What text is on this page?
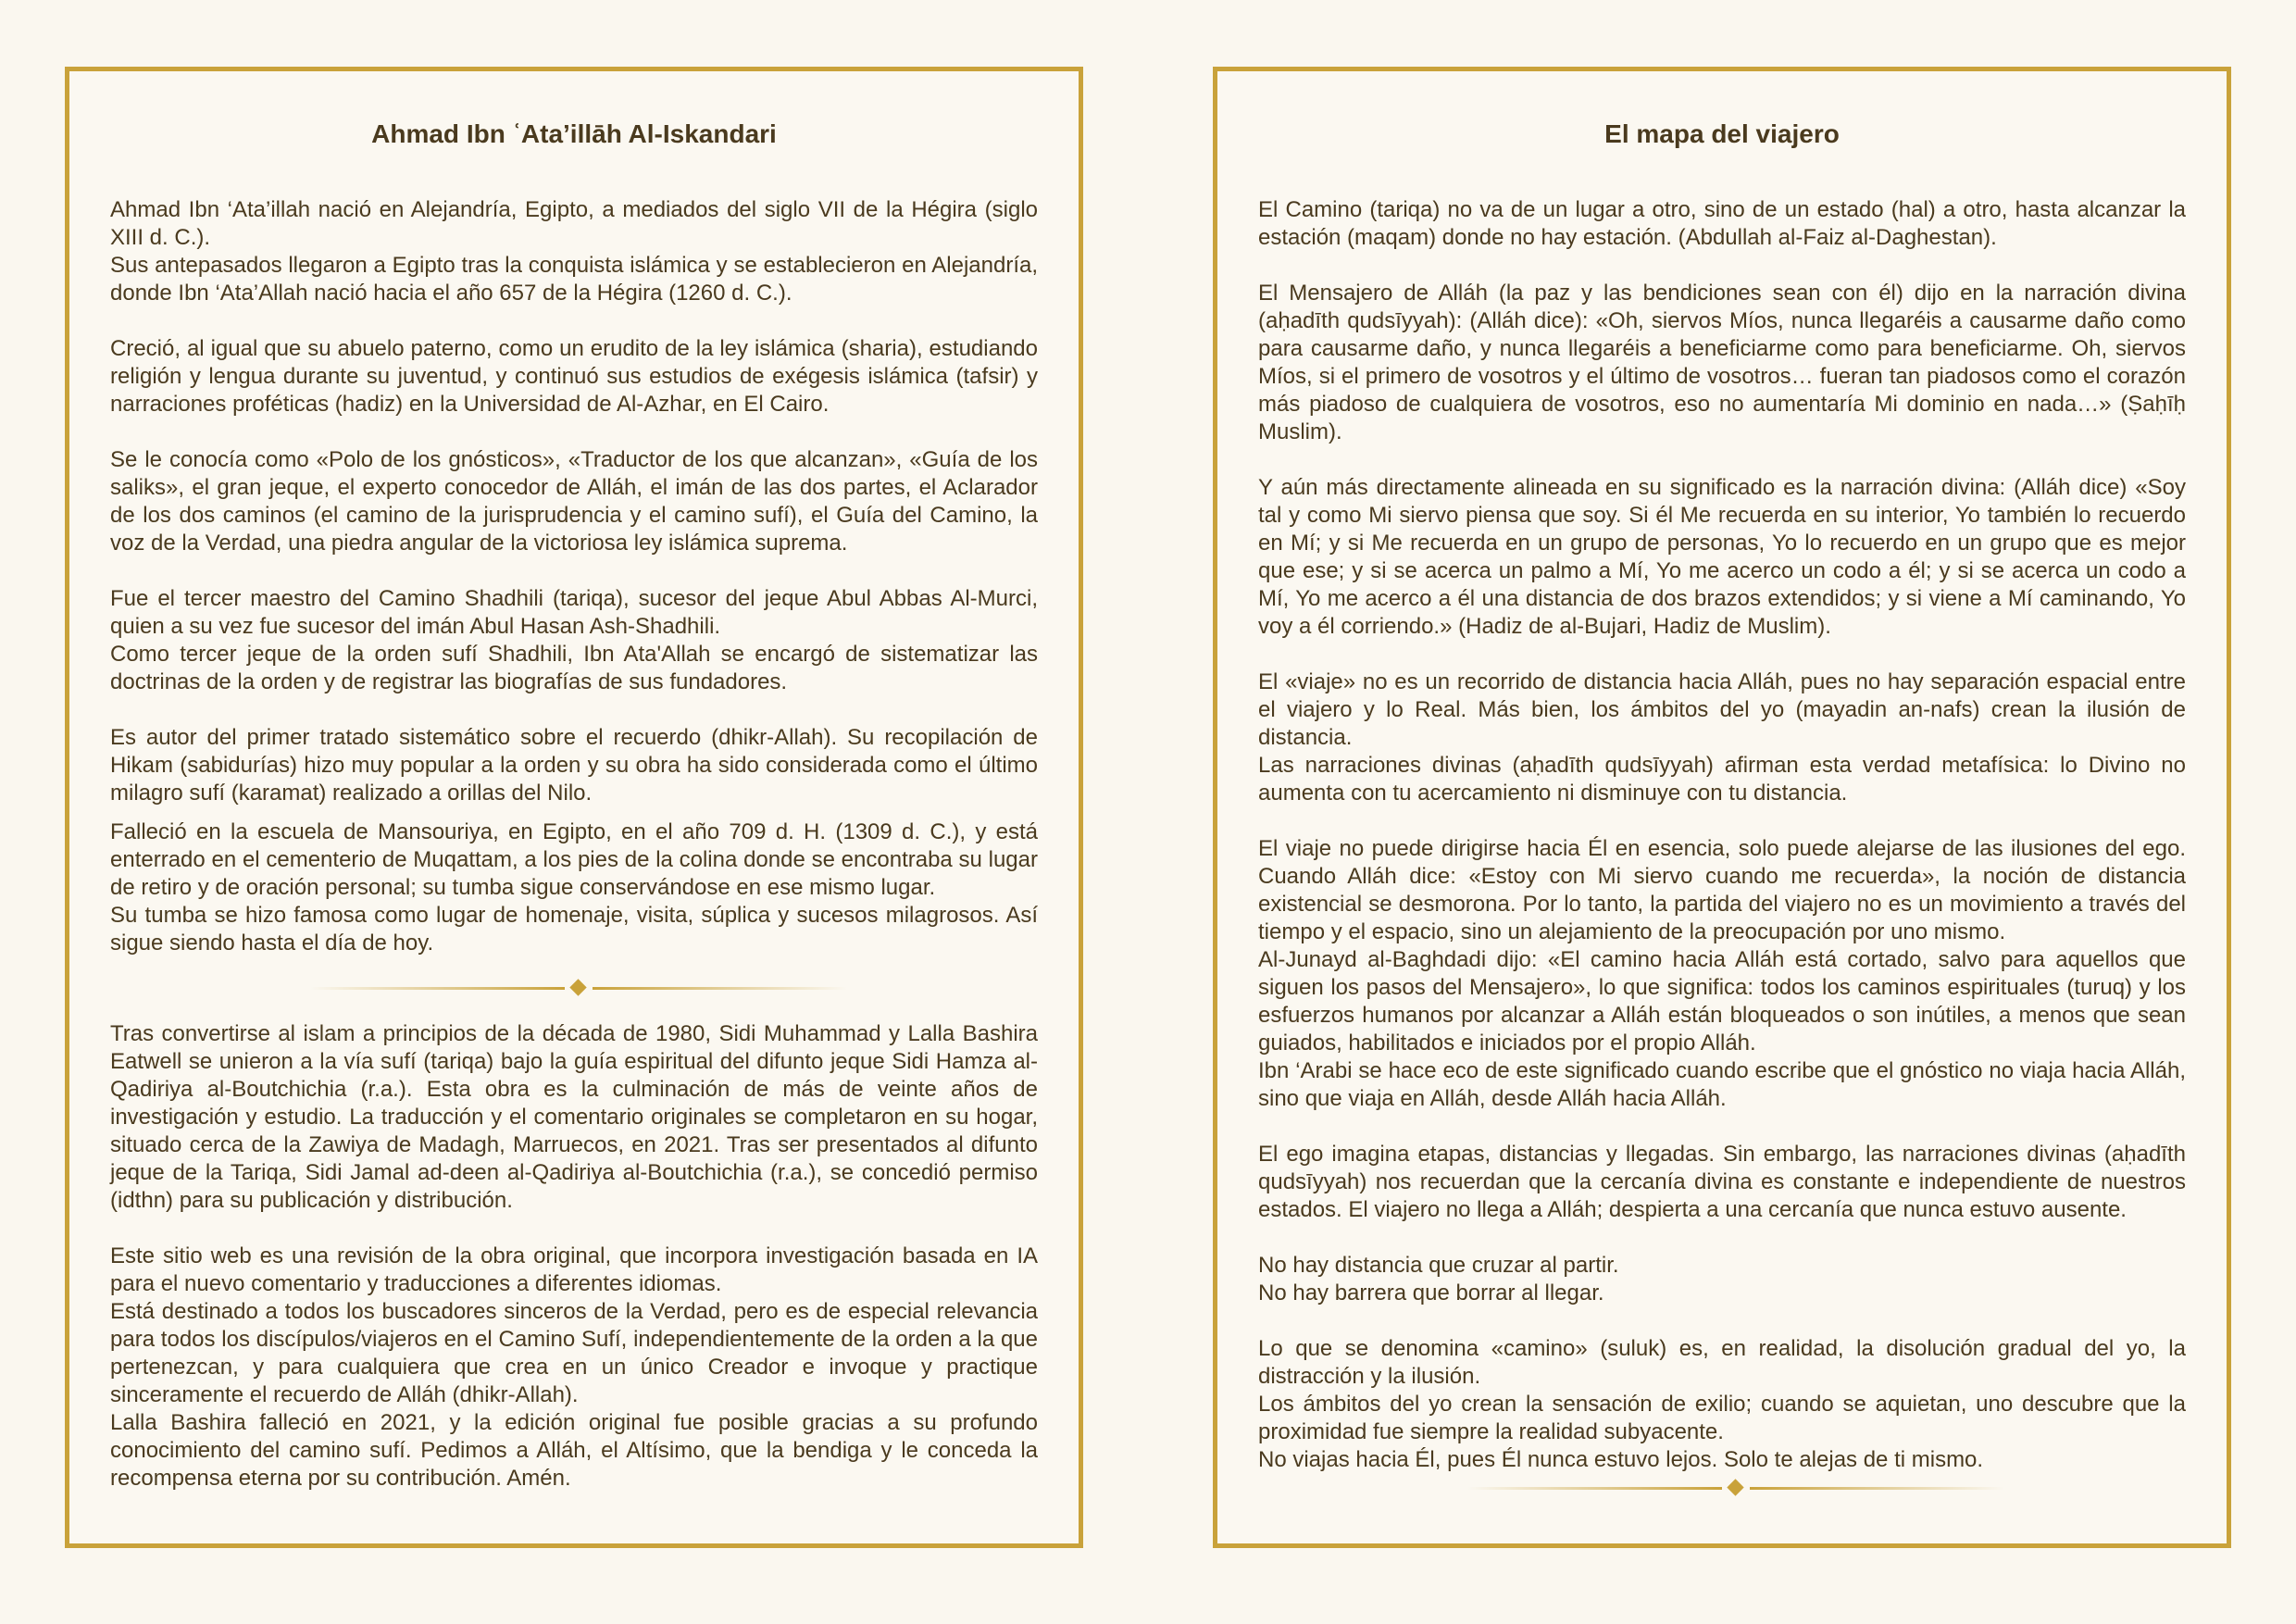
Ahmad Ibn ʿAta’illāh Al-Iskandari

Ahmad Ibn ‘Ata’illah nació en Alejandría, Egipto, a mediados del siglo VII de la Hégira (siglo XIII d. C.).

Sus antepasados llegaron a Egipto tras la conquista islámica y se establecieron en Alejandría, donde Ibn ‘Ata’Allah nació hacia el año 657 de la Hégira (1260 d. C.).

Creció, al igual que su abuelo paterno, como un erudito de la ley islámica (sharia), estudiando religión y lengua durante su juventud, y continuó sus estudios de exégesis islámica (tafsir) y narraciones proféticas (hadiz) en la Universidad de Al-Azhar, en El Cairo.

Se le conocía como «Polo de los gnósticos», «Traductor de los que alcanzan», «Guía de los saliks», el gran jeque, el experto conocedor de Alláh, el imán de las dos partes, el Aclarador de los dos caminos (el camino de la jurisprudencia y el camino sufí), el Guía del Camino, la voz de la Verdad, una piedra angular de la victoriosa ley islámica suprema.

Fue el tercer maestro del Camino Shadhili (tariqa), sucesor del jeque Abul Abbas Al-Murci, quien a su vez fue sucesor del imán Abul Hasan Ash-Shadhili.

Como tercer jeque de la orden sufí Shadhili, Ibn Ata'Allah se encargó de sistematizar las doctrinas de la orden y de registrar las biografías de sus fundadores.

Es autor del primer tratado sistemático sobre el recuerdo (dhikr-Allah). Su recopilación de Hikam (sabidurías) hizo muy popular a la orden y su obra ha sido considerada como el último milagro sufí (karamat) realizado a orillas del Nilo.

Falleció en la escuela de Mansouriya, en Egipto, en el año 709 d. H. (1309 d. C.), y está enterrado en el cementerio de Muqattam, a los pies de la colina donde se encontraba su lugar de retiro y de oración personal; su tumba sigue conservándose en ese mismo lugar.

Su tumba se hizo famosa como lugar de homenaje, visita, súplica y sucesos milagrosos. Así sigue siendo hasta el día de hoy.

Tras convertirse al islam a principios de la década de 1980, Sidi Muhammad y Lalla Bashira Eatwell se unieron a la vía sufí (tariqa) bajo la guía espiritual del difunto jeque Sidi Hamza al-Qadiriya al-Boutchichia (r.a.). Esta obra es la culminación de más de veinte años de investigación y estudio. La traducción y el comentario originales se completaron en su hogar, situado cerca de la Zawiya de Madagh, Marruecos, en 2021. Tras ser presentados al difunto jeque de la Tariqa, Sidi Jamal ad-deen al-Qadiriya al-Boutchichia (r.a.), se concedió permiso (idthn) para su publicación y distribución.

Este sitio web es una revisión de la obra original, que incorpora investigación basada en IA para el nuevo comentario y traducciones a diferentes idiomas.

Está destinado a todos los buscadores sinceros de la Verdad, pero es de especial relevancia para todos los discípulos/viajeros en el Camino Sufí, independientemente de la orden a la que pertenezcan, y para cualquiera que crea en un único Creador e invoque y practique sinceramente el recuerdo de Alláh (dhikr-Allah).

Lalla Bashira falleció en 2021, y la edición original fue posible gracias a su profundo conocimiento del camino sufí. Pedimos a Alláh, el Altísimo, que la bendiga y le conceda la recompensa eterna por su contribución. Amén.

El mapa del viajero

El Camino (tariqa) no va de un lugar a otro, sino de un estado (hal) a otro, hasta alcanzar la estación (maqam) donde no hay estación. (Abdullah al-Faiz al-Daghestan).

El Mensajero de Alláh (la paz y las bendiciones sean con él) dijo en la narración divina (aḥadīth qudsīyyah): (Alláh dice): «Oh, siervos Míos, nunca llegaréis a causarme daño como para causarme daño, y nunca llegaréis a beneficiarme como para beneficiarme. Oh, siervos Míos, si el primero de vosotros y el último de vosotros… fueran tan piadosos como el corazón más piadoso de cualquiera de vosotros, eso no aumentaría Mi dominio en nada…» (Ṣaḥīḥ Muslim).

Y aún más directamente alineada en su significado es la narración divina: (Alláh dice) «Soy tal y como Mi siervo piensa que soy. Si él Me recuerda en su interior, Yo también lo recuerdo en Mí; y si Me recuerda en un grupo de personas, Yo lo recuerdo en un grupo que es mejor que ese; y si se acerca un palmo a Mí, Yo me acerco un codo a él; y si se acerca un codo a Mí, Yo me acerco a él una distancia de dos brazos extendidos; y si viene a Mí caminando, Yo voy a él corriendo.» (Hadiz de al-Bujari, Hadiz de Muslim).

El «viaje» no es un recorrido de distancia hacia Alláh, pues no hay separación espacial entre el viajero y lo Real. Más bien, los ámbitos del yo (mayadin an-nafs) crean la ilusión de distancia.

Las narraciones divinas (aḥadīth qudsīyyah) afirman esta verdad metafísica: lo Divino no aumenta con tu acercamiento ni disminuye con tu distancia.

El viaje no puede dirigirse hacia Él en esencia, solo puede alejarse de las ilusiones del ego. Cuando Alláh dice: «Estoy con Mi siervo cuando me recuerda», la noción de distancia existencial se desmorona. Por lo tanto, la partida del viajero no es un movimiento a través del tiempo y el espacio, sino un alejamiento de la preocupación por uno mismo.

Al-Junayd al-Baghdadi dijo: «El camino hacia Alláh está cortado, salvo para aquellos que siguen los pasos del Mensajero», lo que significa: todos los caminos espirituales (turuq) y los esfuerzos humanos por alcanzar a Alláh están bloqueados o son inútiles, a menos que sean guiados, habilitados e iniciados por el propio Alláh.

Ibn ‘Arabi se hace eco de este significado cuando escribe que el gnóstico no viaja hacia Alláh, sino que viaja en Alláh, desde Alláh hacia Alláh.

El ego imagina etapas, distancias y llegadas. Sin embargo, las narraciones divinas (aḥadīth qudsīyyah) nos recuerdan que la cercanía divina es constante e independiente de nuestros estados. El viajero no llega a Alláh; despierta a una cercanía que nunca estuvo ausente.

No hay distancia que cruzar al partir.

No hay barrera que borrar al llegar.

Lo que se denomina «camino» (suluk) es, en realidad, la disolución gradual del yo, la distracción y la ilusión.

Los ámbitos del yo crean la sensación de exilio; cuando se aquietan, uno descubre que la proximidad fue siempre la realidad subyacente.

No viajas hacia Él, pues Él nunca estuvo lejos. Solo te alejas de ti mismo.
